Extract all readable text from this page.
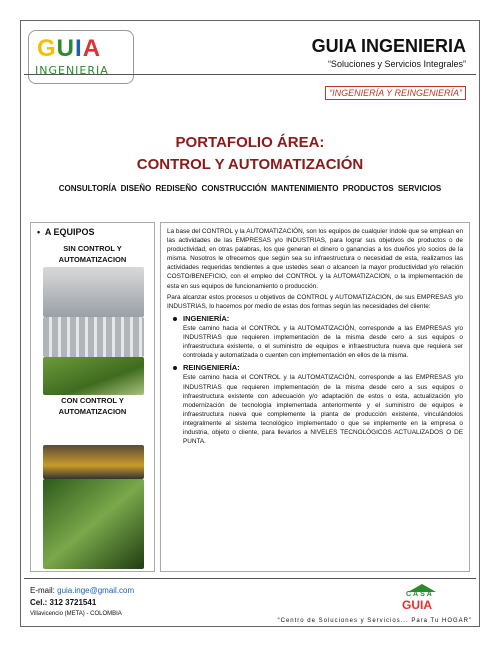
GUIA
INGENIERIA
GUIA INGENIERIA
“Soluciones y Servicios Integrales”
“INGENIERÍA Y REINGENIERÍA”
PORTAFOLIO ÁREA:
CONTROL Y AUTOMATIZACIÓN
CONSULTORÍA DISEÑO REDISEÑO CONSTRUCCIÓN MANTENIMIENTO PRODUCTOS SERVICIOS
•  A EQUIPOS
SIN CONTROL Y AUTOMATIZACION
CON CONTROL Y AUTOMATIZACION

La base del CONTROL y la AUTOMATIZACIÓN, son los equipos de cualquier índole que se emplean en las actividades de las EMPRESAS y/o INDUSTRIAS, para lograr sus objetivos de productos o de productividad, en otras palabras, los que generan el dinero o ganancias a los dueños y/o socios de la misma. Nosotros le ofrecemos que según sea su infraestructura o necesidad de esta, realizamos las actividades requeridas tendientes a que ustedes sean o alcancen la mayor productividad y/o relación COSTO/BENEFICIO, con el empleo del CONTROL y la AUTOMATIZACION, o la implementación de esta en sus equipos de funcionamiento o producción.

Para alcanzar estos procesos u objetivos de CONTROL y AUTOMATIZACION, de sus EMPRESAS y/o INDUSTRIAS, lo hacemos por medio de estas dos formas según las necesidades del cliente:

INGENIERÍA:
Este camino hacia el CONTROL y la AUTOMATIZACIÓN, corresponde a las EMPRESAS y/o INDUSTRIAS que requieren implementación de la misma desde cero a sus equipos o infraestructura existente, o el suministro de equipos e infraestructura nueva que requiera ser controlada y automatizada o cuenten con implementación en ellos de la misma.
REINGENIERÍA:
Este camino hacia el CONTROL y la AUTOMATIZACIÓN, corresponde a las EMPRESAS y/o INDUSTRIAS que requieren implementación de la misma desde cero a sus equipos o infraestructura existente con adecuación y/o adaptación de estos o esta, actualización y/o modernización de tecnología implementada anteriormente y el suministro de equipos e infraestructura nueva que complemente la planta de producción existente, vinculándolos integralmente al sistema tecnológico implementado o que se implemente en la empresa o industria, objeto o cliente, para llevarlos a NIVELES TECNOLÓGICOS ACTUALIZADOS O DE PUNTA.
E-mail: guia.inge@gmail.com
Cel.: 312 3721541
Villavicencio (META) - COLOMBIA
CASA
GUIA
“Centro de Soluciones y Servicios... Para Tu HOGAR”
